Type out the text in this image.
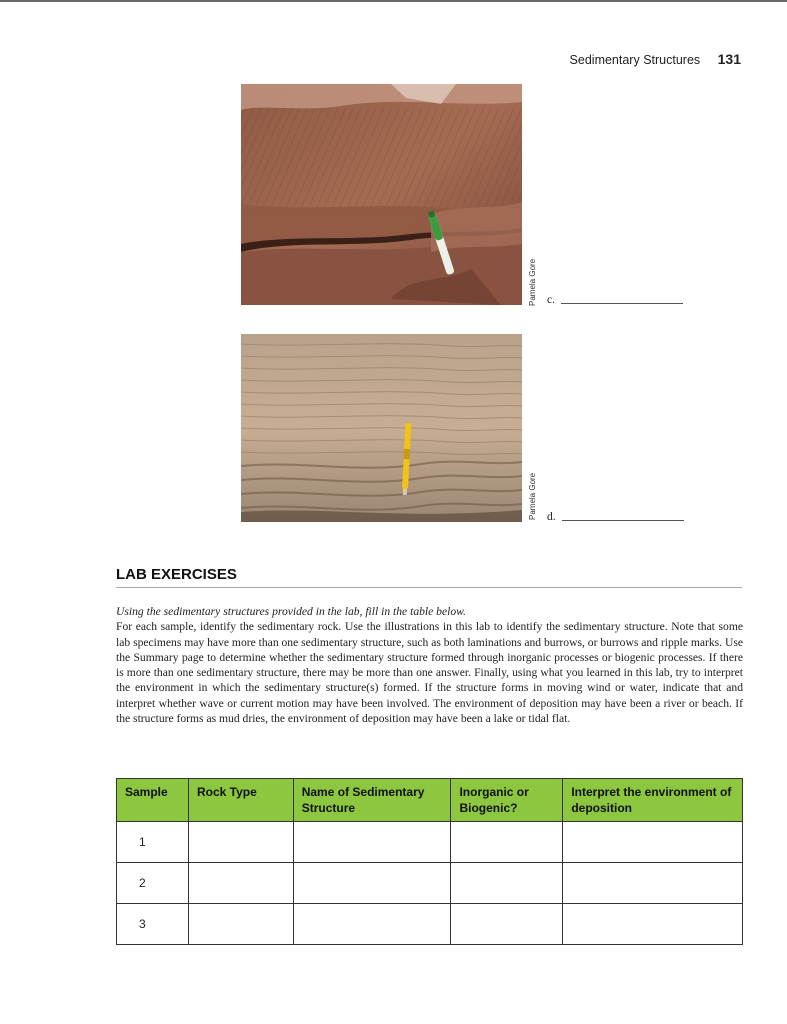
Sedimentary Structures 131
Pamela Gore c.
Pamela Gore d.
LAB EXERCISES
Using the sedimentary structures provided in the lab, fill in the table below.
For each sample, identify the sedimentary rock. Use the illustrations in this lab to identify the sedimentary structure. Note that some lab specimens may have more than one sedimentary structure, such as both laminations and burrows, or burrows and ripple marks. Use the Summary page to determine whether the sedimentary structure formed through inorganic processes or biogenic processes. If there is more than one sedimentary structure, there may be more than one answer. Finally, using what you learned in this lab, try to interpret the environment in which the sedimentary structure(s) formed. If the structure forms in moving wind or water, indicate that and interpret whether wave or current motion may have been involved. The environment of deposition may have been a river or beach. If the structure forms as mud dries, the environment of deposition may have been a lake or tidal flat.
Sample	Rock Type	Name of Sedimentary Structure	Inorganic or Biogenic?	Interpret the environment of deposition
1				
2				
3				
